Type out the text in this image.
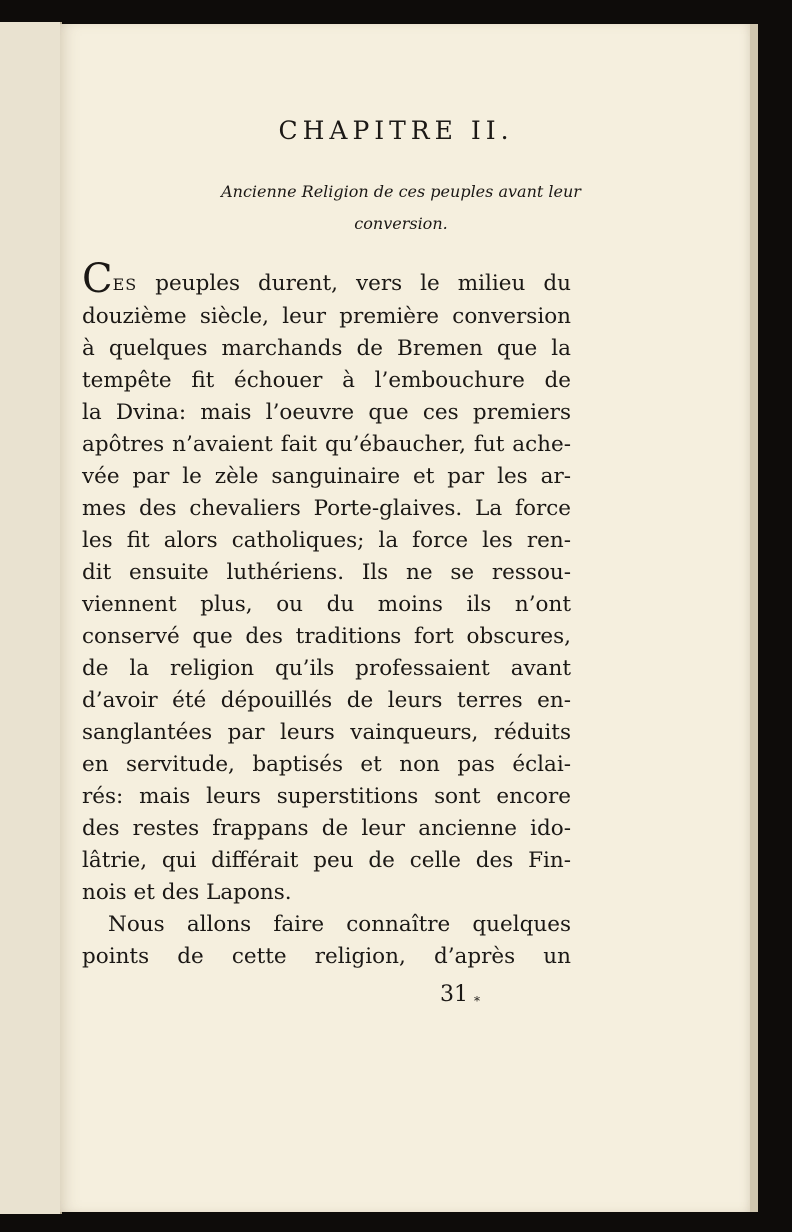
CHAPITRE II.
Ancienne Religion de ces peuples avant leur
conversion.
CES peuples durent, vers le milieu du
douzième siècle, leur première conversion
à quelques marchands de Bremen que la
tempête fit échouer à l’embouchure de
la Dvina: mais l’oeuvre que ces premiers
apôtres n’avaient fait qu’ébaucher, fut ache-
vée par le zèle sanguinaire et par les ar-
mes des chevaliers Porte-glaives. La force
les fit alors catholiques; la force les ren-
dit ensuite luthériens. Ils ne se ressou-
viennent plus, ou du moins ils n’ont
conservé que des traditions fort obscures,
de la religion qu’ils professaient avant
d’avoir été dépouillés de leurs terres en-
sanglantées par leurs vainqueurs, réduits
en servitude, baptisés et non pas éclai-
rés: mais leurs superstitions sont encore
des restes frappans de leur ancienne ido-
lâtrie, qui différait peu de celle des Fin-
nois et des Lapons.
Nous allons faire connaître quelques
points de cette religion, d’après un
31 *
